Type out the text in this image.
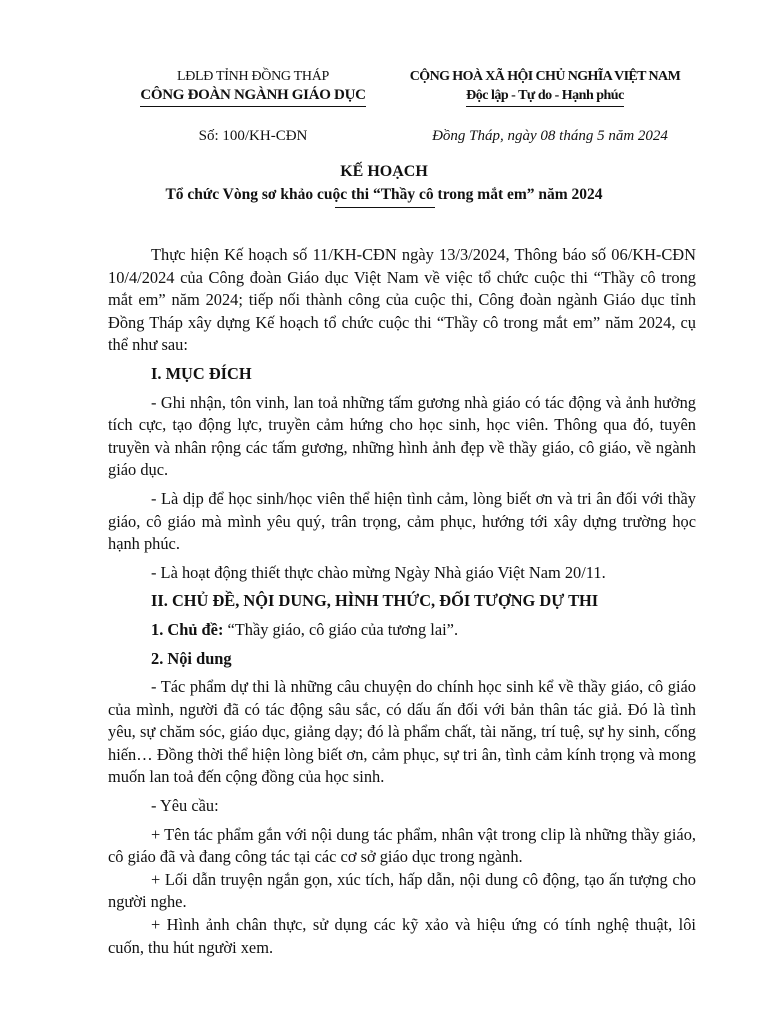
LĐLĐ TỈNH ĐỒNG THÁP
CÔNG ĐOÀN NGÀNH GIÁO DỤC
CỘNG HOÀ XÃ HỘI CHỦ NGHĨA VIỆT NAM
Độc lập - Tự do - Hạnh phúc
Số: 100/KH-CĐN	Đồng Tháp, ngày 08 tháng 5 năm 2024
KẾ HOẠCH
Tổ chức Vòng sơ khảo cuộc thi “Thầy cô trong mắt em” năm 2024

Thực hiện Kế hoạch số 11/KH-CĐN ngày 13/3/2024, Thông báo số 06/KH-CĐN 10/4/2024 của Công đoàn Giáo dục Việt Nam về việc tổ chức cuộc thi “Thầy cô trong mắt em” năm 2024; tiếp nối thành công của cuộc thi, Công đoàn ngành Giáo dục tỉnh Đồng Tháp xây dựng Kế hoạch tổ chức cuộc thi “Thầy cô trong mắt em” năm 2024, cụ thể như sau:

I. MỤC ĐÍCH

- Ghi nhận, tôn vinh, lan toả những tấm gương nhà giáo có tác động và ảnh hưởng tích cực, tạo động lực, truyền cảm hứng cho học sinh, học viên. Thông qua đó, tuyên truyền và nhân rộng các tấm gương, những hình ảnh đẹp về thầy giáo, cô giáo, về ngành giáo dục.

- Là dịp để học sinh/học viên thể hiện tình cảm, lòng biết ơn và tri ân đối với thầy giáo, cô giáo mà mình yêu quý, trân trọng, cảm phục, hướng tới xây dựng trường học hạnh phúc.

- Là hoạt động thiết thực chào mừng Ngày Nhà giáo Việt Nam 20/11.

II. CHỦ ĐỀ, NỘI DUNG, HÌNH THỨC, ĐỐI TƯỢNG DỰ THI
1. Chủ đề: “Thầy giáo, cô giáo của tương lai”.
2. Nội dung

- Tác phẩm dự thi là những câu chuyện do chính học sinh kể về thầy giáo, cô giáo của mình, người đã có tác động sâu sắc, có dấu ấn đối với bản thân tác giả. Đó là tình yêu, sự chăm sóc, giáo dục, giảng dạy; đó là phẩm chất, tài năng, trí tuệ, sự hy sinh, cống hiến… Đồng thời thể hiện lòng biết ơn, cảm phục, sự tri ân, tình cảm kính trọng và mong muốn lan toả đến cộng đồng của học sinh.

- Yêu cầu:

+ Tên tác phẩm gắn với nội dung tác phẩm, nhân vật trong clip là những thầy giáo, cô giáo đã và đang công tác tại các cơ sở giáo dục trong ngành.

+ Lối dẫn truyện ngắn gọn, xúc tích, hấp dẫn, nội dung cô động, tạo ấn tượng cho người nghe.

+ Hình ảnh chân thực, sử dụng các kỹ xảo và hiệu ứng có tính nghệ thuật, lôi cuốn, thu hút người xem.
